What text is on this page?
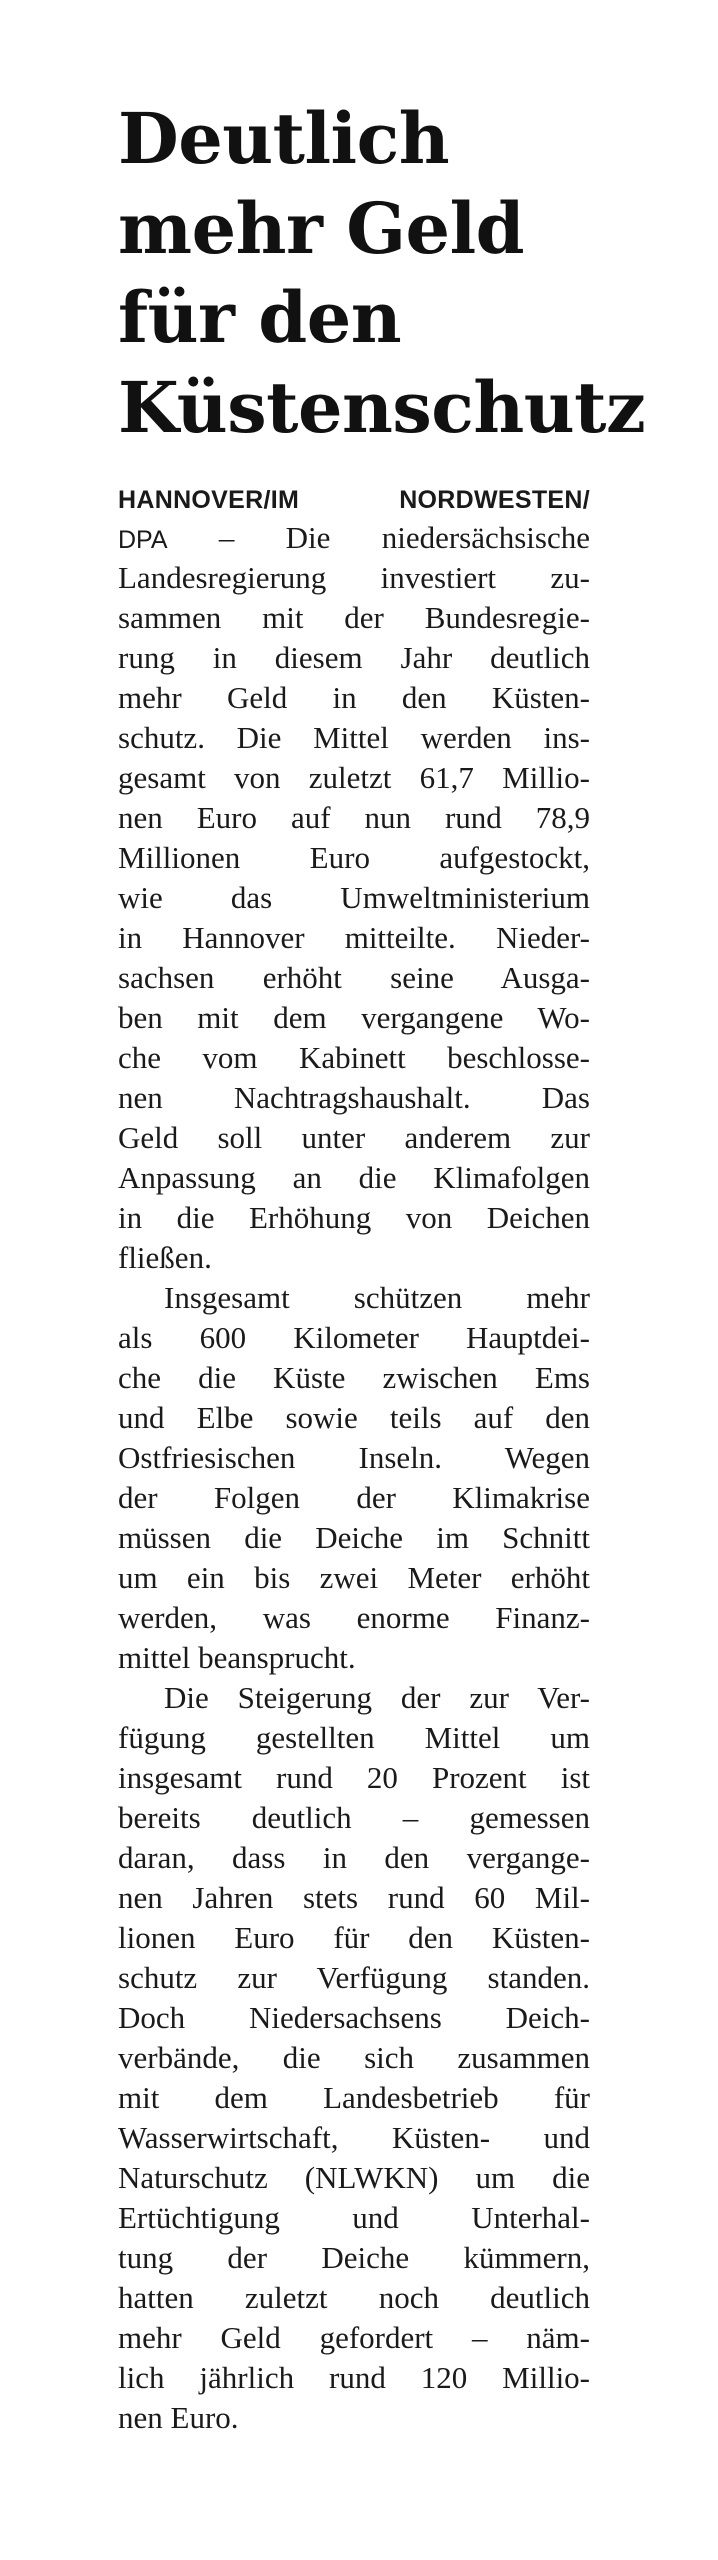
Deutlich
mehr Geld
für den
Küstenschutz
HANNOVER/IM	NORDWESTEN/
DPA – Die niedersächsische
Landesregierung investiert zu-
sammen mit der Bundesregie-
rung in diesem Jahr deutlich
mehr Geld in den Küsten-
schutz. Die Mittel werden ins-
gesamt von zuletzt 61,7 Millio-
nen Euro auf nun rund 78,9
Millionen Euro aufgestockt,
wie das Umweltministerium
in Hannover mitteilte. Nieder-
sachsen erhöht seine Ausga-
ben mit dem vergangene Wo-
che vom Kabinett beschlosse-
nen Nachtragshaushalt. Das
Geld soll unter anderem zur
Anpassung an die Klimafolgen
in die Erhöhung von Deichen
fließen.
Insgesamt schützen mehr
als 600 Kilometer Hauptdei-
che die Küste zwischen Ems
und Elbe sowie teils auf den
Ostfriesischen Inseln. Wegen
der Folgen der Klimakrise
müssen die Deiche im Schnitt
um ein bis zwei Meter erhöht
werden, was enorme Finanz-
mittel beansprucht.
Die Steigerung der zur Ver-
fügung gestellten Mittel um
insgesamt rund 20 Prozent ist
bereits deutlich – gemessen
daran, dass in den vergange-
nen Jahren stets rund 60 Mil-
lionen Euro für den Küsten-
schutz zur Verfügung standen.
Doch Niedersachsens Deich-
verbände, die sich zusammen
mit dem Landesbetrieb für
Wasserwirtschaft, Küsten- und
Naturschutz (NLWKN) um die
Ertüchtigung und Unterhal-
tung der Deiche kümmern,
hatten zuletzt noch deutlich
mehr Geld gefordert – näm-
lich jährlich rund 120 Millio-
nen Euro.
